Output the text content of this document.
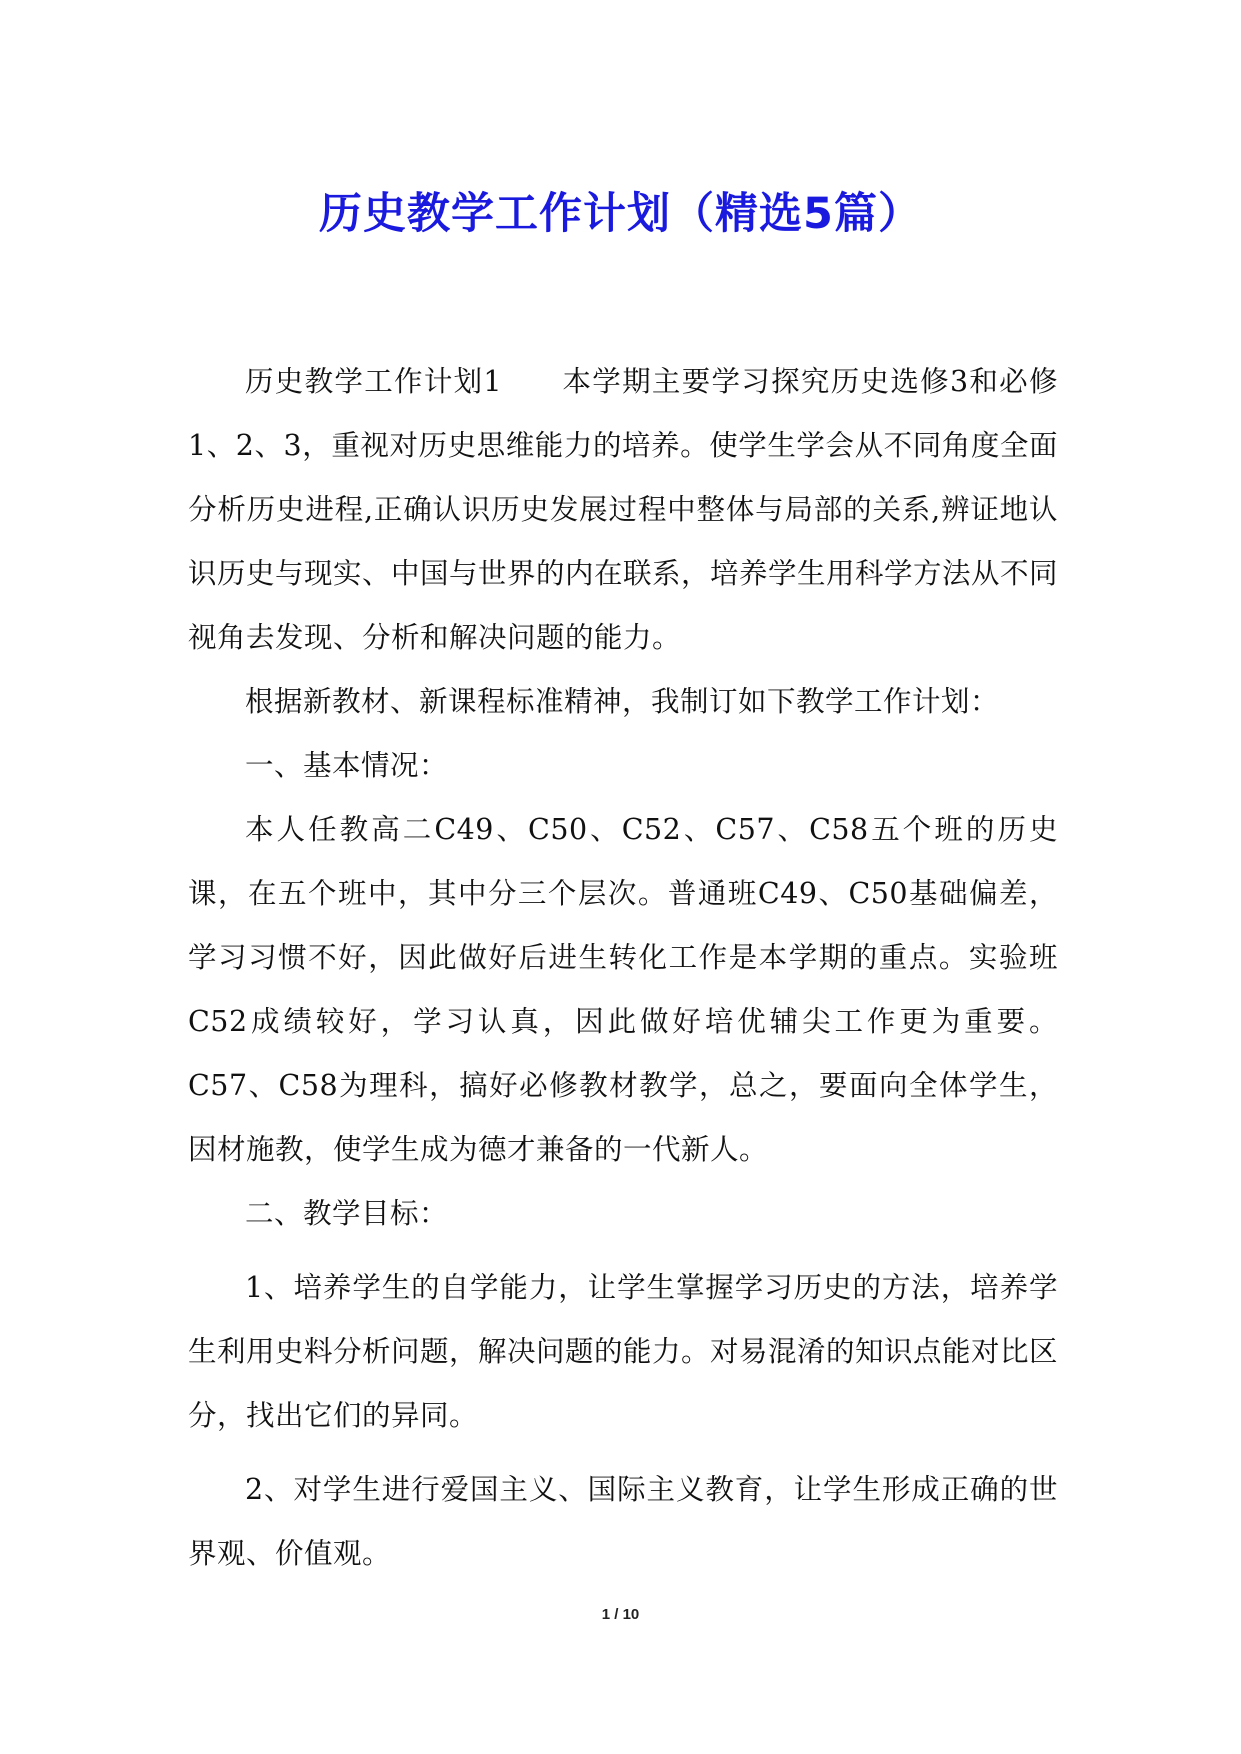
历史教学工作计划（精选5篇）

历史教学工作计划1　　本学期主要学习探究历史选修3和必修1、2、3，重视对历史思维能力的培养。使学生学会从不同角度全面分析历史进程,正确认识历史发展过程中整体与局部的关系,辨证地认识历史与现实、中国与世界的内在联系，培养学生用科学方法从不同视角去发现、分析和解决问题的能力。

根据新教材、新课程标准精神，我制订如下教学工作计划：

一、基本情况：

本人任教高二C49、C50、C52、C57、C58五个班的历史课，在五个班中，其中分三个层次。普通班C49、C50基础偏差，学习习惯不好，因此做好后进生转化工作是本学期的重点。实验班C52成绩较好，学习认真，因此做好培优辅尖工作更为重要。C57、C58为理科，搞好必修教材教学，总之，要面向全体学生，因材施教，使学生成为德才兼备的一代新人。

二、教学目标：

1、培养学生的自学能力，让学生掌握学习历史的方法，培养学生利用史料分析问题，解决问题的能力。对易混淆的知识点能对比区分，找出它们的异同。

2、对学生进行爱国主义、国际主义教育，让学生形成正确的世界观、价值观。

1 / 10
